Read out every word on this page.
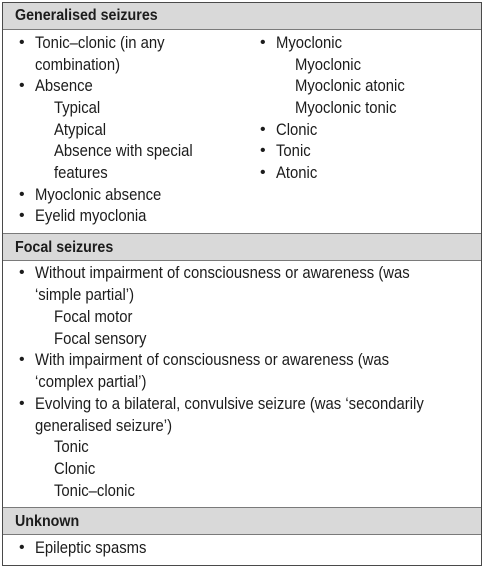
Generalised seizures
• Tonic–clonic (in any
combination)
• Absence
Typical
Atypical
Absence with special
features
• Myoclonic absence
• Eyelid myoclonia
• Myoclonic
Myoclonic
Myoclonic atonic
Myoclonic tonic
• Clonic
• Tonic
• Atonic
Focal seizures
• Without impairment of consciousness or awareness (was
‘simple partial’)
Focal motor
Focal sensory
• With impairment of consciousness or awareness (was
‘complex partial’)
• Evolving to a bilateral, convulsive seizure (was ‘secondarily
generalised seizure’)
Tonic
Clonic
Tonic–clonic
Unknown
• Epileptic spasms
